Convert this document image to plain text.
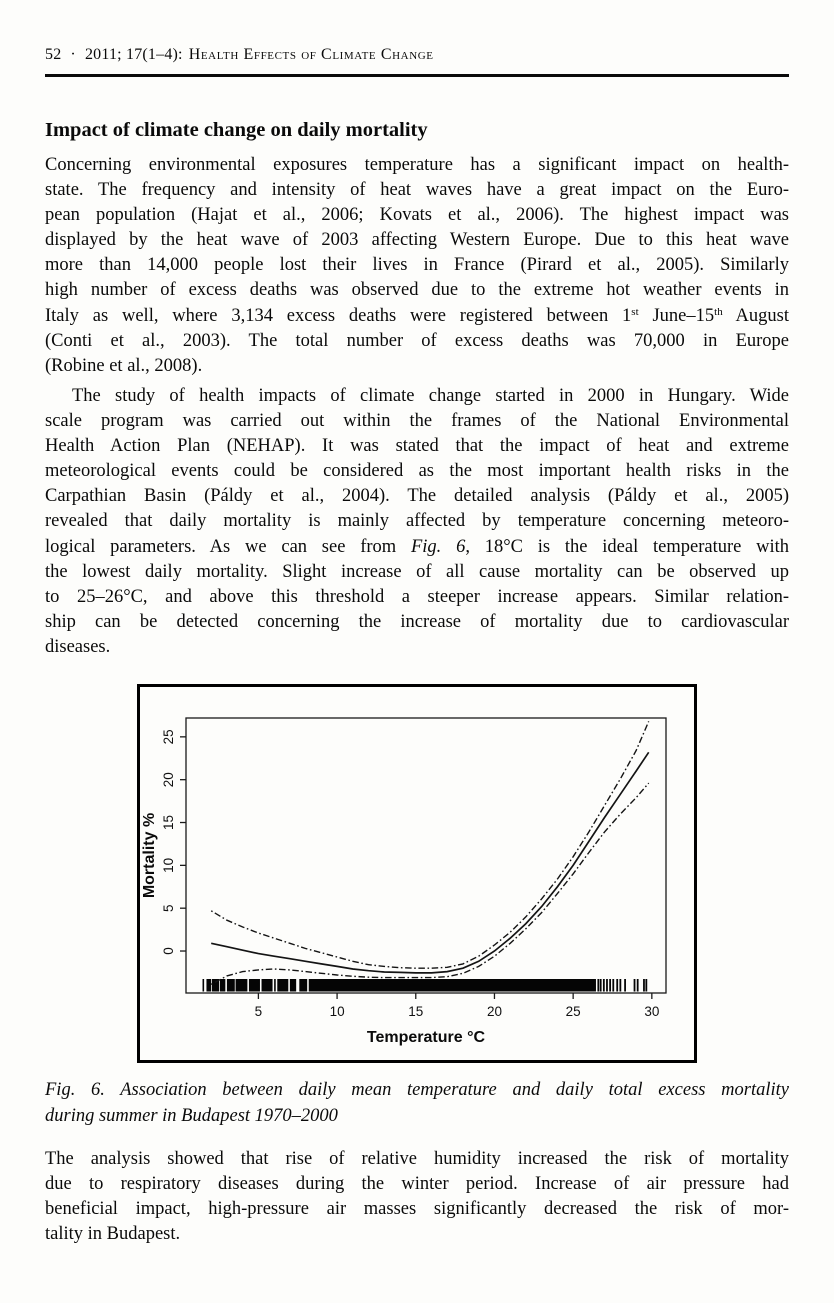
52 · 2011; 17(1–4): Health Effects of Climate Change
Impact of climate change on daily mortality
Concerning environmental exposures temperature has a significant impact on health-
state. The frequency and intensity of heat waves have a great impact on the Euro-
pean population (Hajat et al., 2006; Kovats et al., 2006). The highest impact was
displayed by the heat wave of 2003 affecting Western Europe. Due to this heat wave
more than 14,000 people lost their lives in France (Pirard et al., 2005). Similarly
high number of excess deaths was observed due to the extreme hot weather events in
Italy as well, where 3,134 excess deaths were registered between 1st June–15th August
(Conti et al., 2003). The total number of excess deaths was 70,000 in Europe
(Robine et al., 2008).
The study of health impacts of climate change started in 2000 in Hungary. Wide
scale program was carried out within the frames of the National Environmental
Health Action Plan (NEHAP). It was stated that the impact of heat and extreme
meteorological events could be considered as the most important health risks in the
Carpathian Basin (Páldy et al., 2004). The detailed analysis (Páldy et al., 2005)
revealed that daily mortality is mainly affected by temperature concerning meteoro-
logical parameters. As we can see from Fig. 6, 18°C is the ideal temperature with
the lowest daily mortality. Slight increase of all cause mortality can be observed up
to 25–26°C, and above this threshold a steeper increase appears. Similar relation-
ship can be detected concerning the increase of mortality due to cardiovascular
diseases.
5	10	15	20	25	30
0
5
10
15
20
25
Temperature °C
Mortality %
Fig. 6. Association between daily mean temperature and daily total excess mortality
during summer in Budapest 1970–2000
The analysis showed that rise of relative humidity increased the risk of mortality
due to respiratory diseases during the winter period. Increase of air pressure had
beneficial impact, high-pressure air masses significantly decreased the risk of mor-
tality in Budapest.
